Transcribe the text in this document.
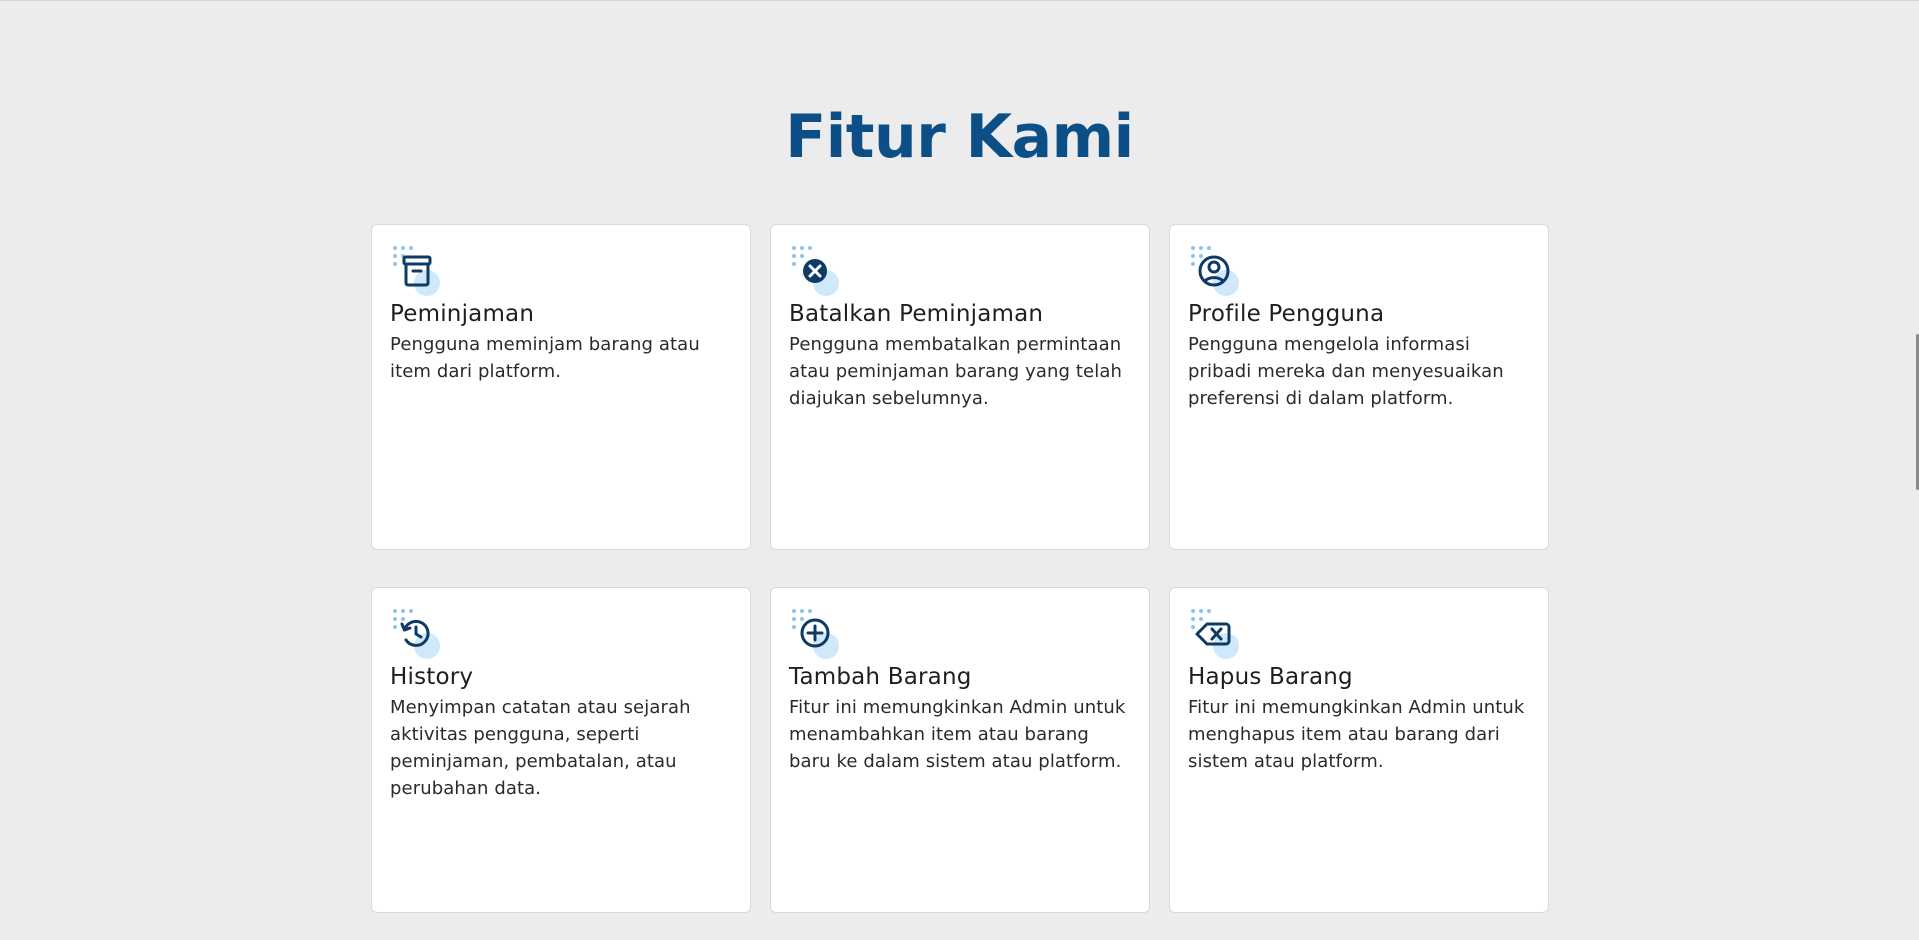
Fitur Kami
Peminjaman

Pengguna meminjam barang atau item dari platform.

Batalkan Peminjaman

Pengguna membatalkan permintaan atau peminjaman barang yang telah diajukan sebelumnya.

Profile Pengguna

Pengguna mengelola informasi pribadi mereka dan menyesuaikan preferensi di dalam platform.

History

Menyimpan catatan atau sejarah aktivitas pengguna, seperti peminjaman, pembatalan, atau perubahan data.

Tambah Barang

Fitur ini memungkinkan Admin untuk menambahkan item atau barang baru ke dalam sistem atau platform.

Hapus Barang

Fitur ini memungkinkan Admin untuk menghapus item atau barang dari sistem atau platform.
